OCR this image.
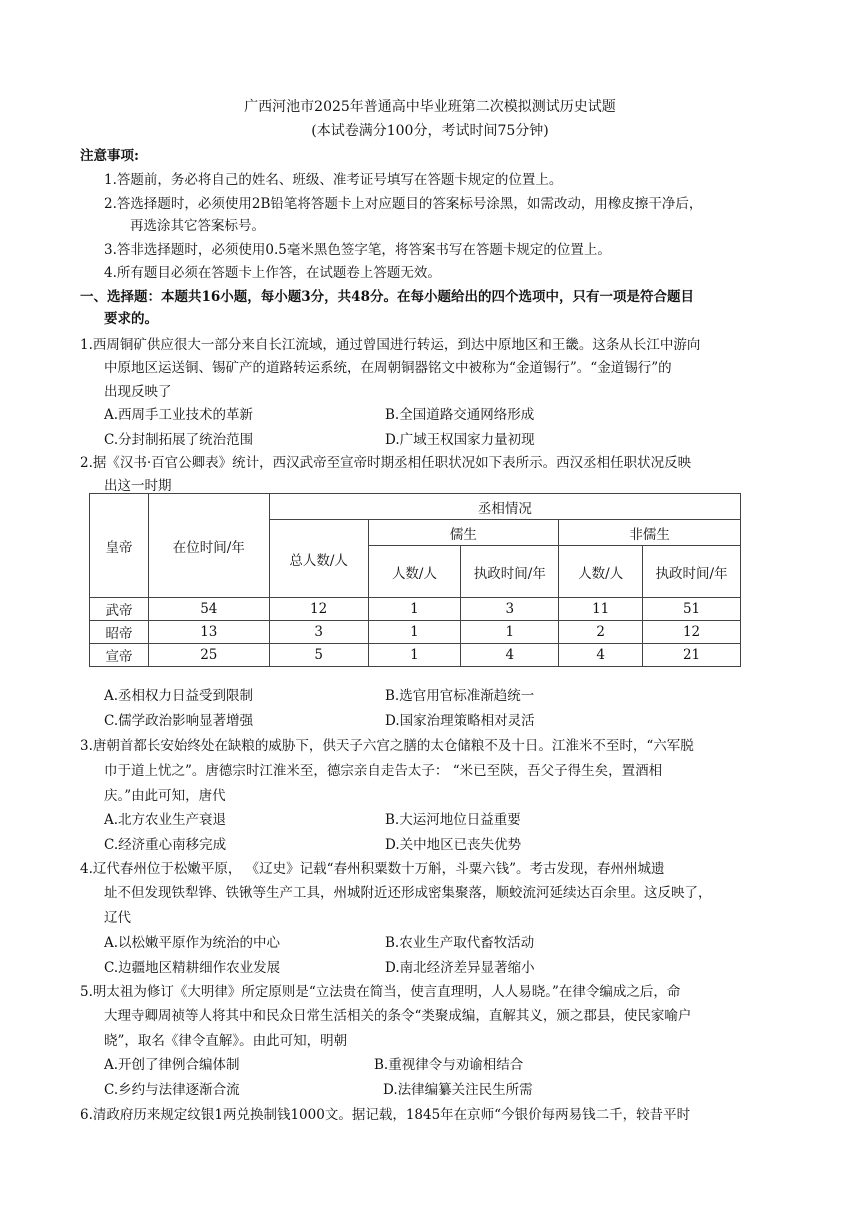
广西河池市2025年普通高中毕业班第二次模拟测试历史试题
(本试卷满分100分，考试时间75分钟)
注意事项:
1.答题前，务必将自己的姓名、班级、准考证号填写在答题卡规定的位置上。
2.答选择题时，必须使用2B铅笔将答题卡上对应题目的答案标号涂黑，如需改动，用橡皮擦干净后，
再选涂其它答案标号。
3.答非选择题时，必须使用0.5毫米黑色签字笔，将答案书写在答题卡规定的位置上。
4.所有题目必须在答题卡上作答，在试题卷上答题无效。
一、选择题：本题共16小题，每小题3分，共48分。在每小题给出的四个选项中，只有一项是符合题目
要求的。
1.西周铜矿供应很大一部分来自长江流域，通过曾国进行转运，到达中原地区和王畿。这条从长江中游向
中原地区运送铜、锡矿产的道路转运系统，在周朝铜器铭文中被称为“金道锡行”。“金道锡行”的
出现反映了
A.西周手工业技术的革新	B.全国道路交通网络形成
C.分封制拓展了统治范围	D.广域王权国家力量初现
2.据《汉书·百官公卿表》统计，西汉武帝至宣帝时期丞相任职状况如下表所示。西汉丞相任职状况反映
出这一时期
皇帝	在位时间/年	丞相情况				
		总人数/人	儒生		非儒生	
			人数/人	执政时间/年	人数/人	执政时间/年
武帝	54	12	1	3	11	51
昭帝	13	3	1	1	2	12
宣帝	25	5	1	4	4	21
A.丞相权力日益受到限制	B.选官用官标准渐趋统一
C.儒学政治影响显著增强	D.国家治理策略相对灵活
3.唐朝首都长安始终处在缺粮的威胁下，供天子六宫之膳的太仓储粮不及十日。江淮米不至时，“六军脱
巾于道上忧之”。唐德宗时江淮米至，德宗亲自走告太子： “米已至陕，吾父子得生矣，置酒相
庆。”由此可知，唐代
A.北方农业生产衰退	B.大运河地位日益重要
C.经济重心南移完成	D.关中地区已丧失优势
4.辽代春州位于松嫩平原， 《辽史》记载“春州积粟数十万斛，斗粟六钱”。考古发现，春州州城遗
址不但发现铁犁铧、铁锹等生产工具，州城附近还形成密集聚落，顺蛟流河延续达百余里。这反映了，
辽代
A.以松嫩平原作为统治的中心	B.农业生产取代畜牧活动
C.边疆地区精耕细作农业发展	D.南北经济差异显著缩小
5.明太祖为修订《大明律》所定原则是“立法贵在简当，使言直理明，人人易晓。”在律令编成之后，命
大理寺卿周祯等人将其中和民众日常生活相关的条令“类聚成编，直解其义，颁之郡县，使民家喻户
晓”，取名《律令直解》。由此可知，明朝
A.开创了律例合编体制	B.重视律令与劝谕相结合
C.乡约与法律逐渐合流	D.法律编纂关注民生所需
6.清政府历来规定纹银1两兑换制钱1000文。据记载，1845年在京师“今银价每两易钱二千，较昔平时
